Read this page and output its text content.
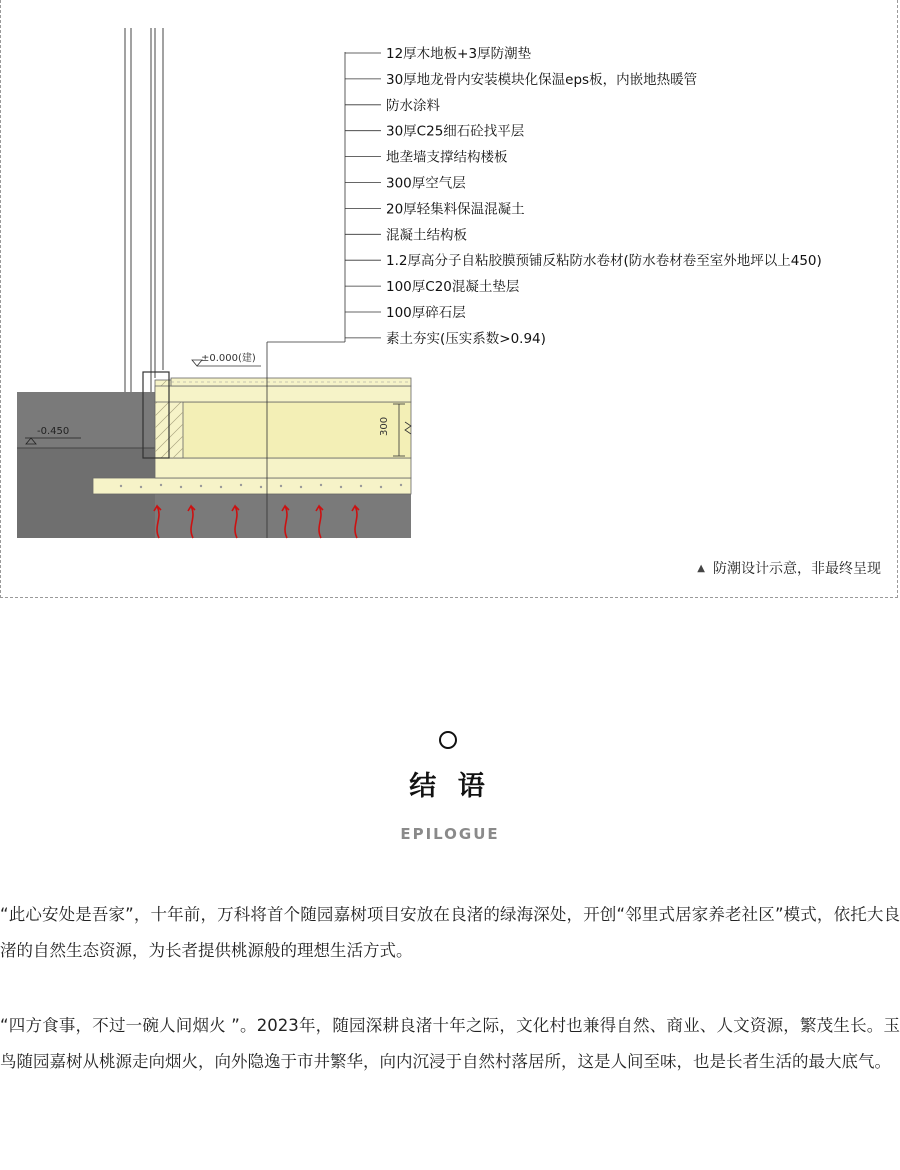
300
±0.000(建)
-0.450
12厚木地板+3厚防潮垫
30厚地龙骨内安装模块化保温eps板，内嵌地热暖管
防水涂料
30厚C25细石砼找平层
地垄墙支撑结构楼板
300厚空气层
20厚轻集料保温混凝土
混凝土结构板
1.2厚高分子自粘胶膜预铺反粘防水卷材(防水卷材卷至室外地坪以上450)
100厚C20混凝土垫层
100厚碎石层
素土夯实(压实系数>0.94)
▲ 防潮设计示意，非最终呈现
结 语
EPILOGUE

“此心安处是吾家”，十年前，万科将首个随园嘉树项目安放在良渚的绿海深处，开创“邻里式居家养老社区”模式，依托大良渚的自然生态资源，为长者提供桃源般的理想生活方式。

“四方食事，不过一碗人间烟火 ”。2023年，随园深耕良渚十年之际，文化村也兼得自然、商业、人文资源，繁茂生长。玉鸟随园嘉树从桃源走向烟火，向外隐逸于市井繁华，向内沉浸于自然村落居所，这是人间至味，也是长者生活的最大底气。
